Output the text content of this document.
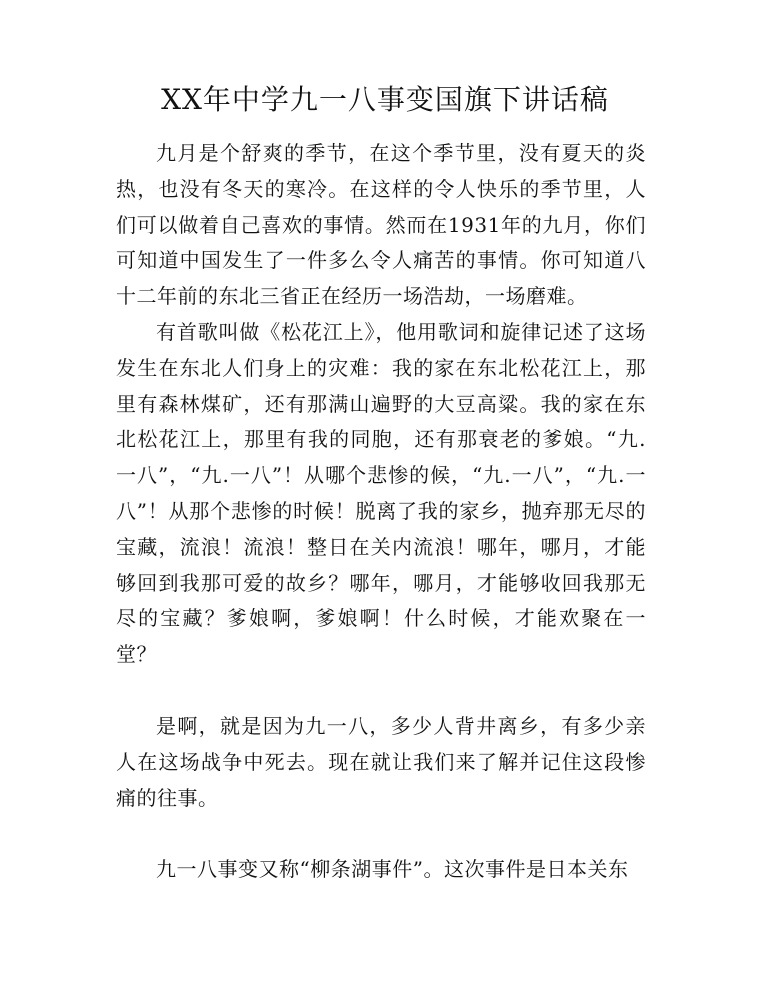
XX年中学九一八事变国旗下讲话稿

九月是个舒爽的季节，在这个季节里，没有夏天的炎热，也没有冬天的寒冷。在这样的令人快乐的季节里，人们可以做着自己喜欢的事情。然而在1931年的九月，你们可知道中国发生了一件多么令人痛苦的事情。你可知道八十二年前的东北三省正在经历一场浩劫，一场磨难。

有首歌叫做《松花江上》，他用歌词和旋律记述了这场发生在东北人们身上的灾难：我的家在东北松花江上，那里有森林煤矿，还有那满山遍野的大豆高粱。我的家在东北松花江上，那里有我的同胞，还有那衰老的爹娘。“九.一八”，“九.一八”！从哪个悲惨的候，“九.一八”，“九.一八”！从那个悲惨的时候！脱离了我的家乡，抛弃那无尽的宝藏，流浪！流浪！整日在关内流浪！哪年，哪月，才能够回到我那可爱的故乡？哪年，哪月，才能够收回我那无尽的宝藏？爹娘啊，爹娘啊！什么时候，才能欢聚在一堂？

是啊，就是因为九一八，多少人背井离乡，有多少亲人在这场战争中死去。现在就让我们来了解并记住这段惨痛的往事。

九一八事变又称“柳条湖事件”。这次事件是日本关东
